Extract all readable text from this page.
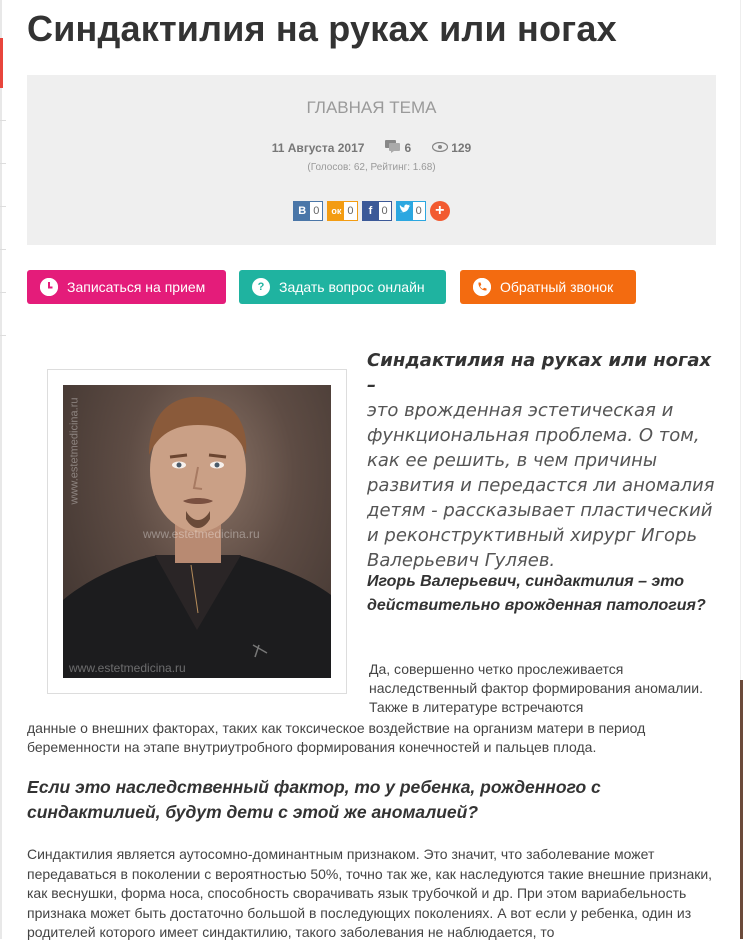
Синдактилия на руках или ногах
ГЛАВНАЯ ТЕМА
11 Августа 2017	6	129
(Голосов: 62, Рейтинг: 1.68)
B 0 ок 0 f 0	0 +
Записаться на прием	?	Задать вопрос онлайн	Обратный звонок
www.estetmedicina.ru
www.estetmedicina.ru
www.estetmedicina.ru
Синдактилия на руках или ногах –
это врожденная эстетическая и функциональная проблема. О том, как ее решить, в чем причины развития и передастся ли аномалия детям - рассказывает пластический и реконструктивный хирург Игорь Валерьевич Гуляев.
Игорь Валерьевич, синдактилия – это действительно врожденная патология?
Да, совершенно четко прослеживается наследственный фактор формирования аномалии. Также в литературе встречаются
данные о внешних факторах, таких как токсическое воздействие на организм матери в период беременности на этапе внутриутробного формирования конечностей и пальцев плода.
Если это наследственный фактор, то у ребенка, рожденного с синдактилией, будут дети с этой же аномалией?
Синдактилия является аутосомно-доминантным признаком. Это значит, что заболевание может передаваться в поколении с вероятностью 50%, точно так же, как наследуются такие внешние признаки, как веснушки, форма носа, способность сворачивать язык трубочкой и др. При этом вариабельность признака может быть достаточно большой в последующих поколениях. А вот если у ребенка, один из родителей которого имеет синдактилию, такого заболевания не наблюдается, то
